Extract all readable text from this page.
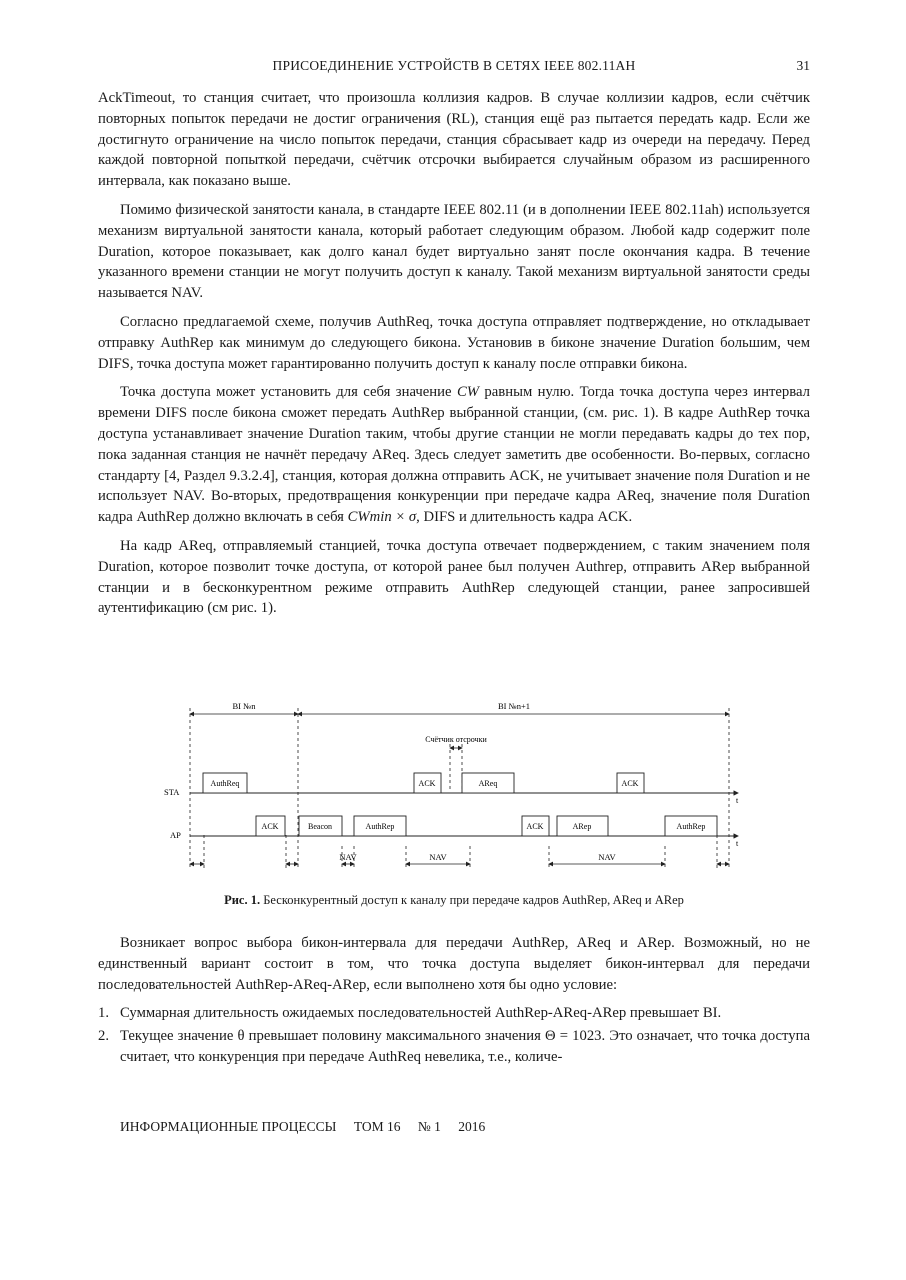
ПРИСОЕДИНЕНИЕ УСТРОЙСТВ В СЕТЯХ IEEE 802.11AH	31

AckTimeout, то станция считает, что произошла коллизия кадров. В случае коллизии кадров, если счётчик повторных попыток передачи не достиг ограничения (RL), станция ещё раз пытается передать кадр. Если же достигнуто ограничение на число попыток передачи, станция сбрасывает кадр из очереди на передачу. Перед каждой повторной попыткой передачи, счётчик отсрочки выбирается случайным образом из расширенного интервала, как показано выше.

Помимо физической занятости канала, в стандарте IEEE 802.11 (и в дополнении IEEE 802.11ah) используется механизм виртуальной занятости канала, который работает следующим образом. Любой кадр содержит поле Duration, которое показывает, как долго канал будет виртуально занят после окончания кадра. В течение указанного времени станции не могут получить доступ к каналу. Такой механизм виртуальной занятости среды называется NAV.

Согласно предлагаемой схеме, получив AuthReq, точка доступа отправляет подтверждение, но откладывает отправку AuthRep как минимум до следующего бикона. Установив в биконе значение Duration большим, чем DIFS, точка доступа может гарантированно получить доступ к каналу после отправки бикона.

Точка доступа может установить для себя значение CW равным нулю. Тогда точка доступа через интервал времени DIFS после бикона сможет передать AuthRep выбранной станции, (см. рис. 1). В кадре AuthRep точка доступа устанавливает значение Duration таким, чтобы другие станции не могли передавать кадры до тех пор, пока заданная станция не начнёт передачу AReq. Здесь следует заметить две особенности. Во-первых, согласно стандарту [4, Раздел 9.3.2.4], станция, которая должна отправить ACK, не учитывает значение поля Duration и не использует NAV. Во-вторых, предотвращения конкуренции при передаче кадра AReq, значение поля Duration кадра AuthRep должно включать в себя CWmin × σ, DIFS и длительность кадра ACK.

На кадр AReq, отправляемый станцией, точка доступа отвечает подверждением, с таким значением поля Duration, которое позволит точке доступа, от которой ранее был получен Authrep, отправить ARep выбранной станции и в бесконкурентном режиме отправить AuthRep следующей станции, ранее запросившей аутентификацию (см рис. 1).

BI №n	BI №n+1
Счётчик отсрочки
STA
AP
t
t
AuthReq	ACK	AReq	ACK
ACK	Beacon	AuthRep	ACK	ARep	AuthRep
NAV	NAV	NAV
Рис. 1. Бесконкурентный доступ к каналу при передаче кадров AuthRep, AReq и ARep

Возникает вопрос выбора бикон-интервала для передачи AuthRep, AReq и ARep. Возможный, но не единственный вариант состоит в том, что точка доступа выделяет бикон-интервал для передачи последовательностей AuthRep-AReq-ARep, если выполнено хотя бы одно условие:

1. Суммарная длительность ожидаемых последовательностей AuthRep-AReq-ARep превышает BI.
2. Текущее значение θ превышает половину максимального значения Θ = 1023. Это означает, что точка доступа считает, что конкуренция при передаче AuthReq невелика, т.е., количе-
ИНФОРМАЦИОННЫЕ ПРОЦЕССЫ ТОМ 16 № 1 2016
